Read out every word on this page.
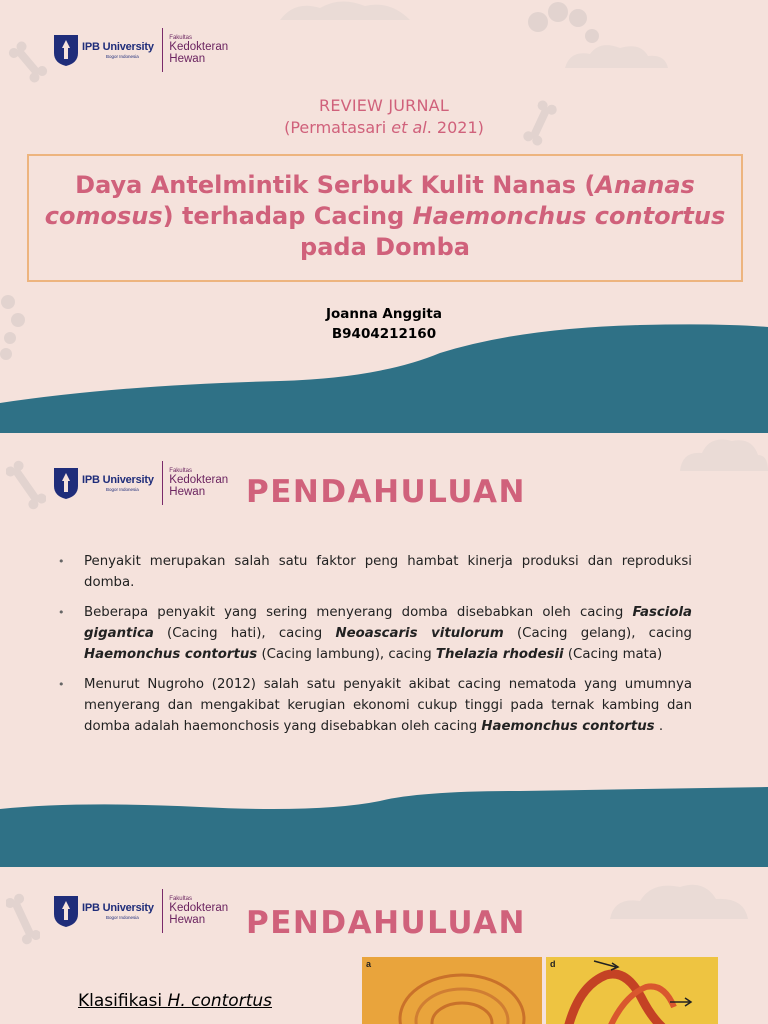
IPB University
Bogor Indonesia
Fakultas
Kedokteran
Hewan
REVIEW JURNAL
(Permatasari et al. 2021)
Daya Antelmintik Serbuk Kulit Nanas (Ananas comosus) terhadap Cacing Haemonchus contortus pada Domba
Joanna Anggita
B9404212160
IPB University
Bogor Indonesia
Fakultas
Kedokteran
Hewan	PENDAHULUAN
• Penyakit merupakan salah satu faktor peng hambat kinerja produksi dan reproduksi domba.
• Beberapa penyakit yang sering menyerang domba disebabkan oleh cacing Fasciola gigantica (Cacing hati), cacing Neoascaris vitulorum (Cacing gelang), cacing Haemonchus contortus (Cacing lambung), cacing Thelazia rhodesii (Cacing mata)
• Menurut Nugroho (2012) salah satu penyakit akibat cacing nematoda yang umumnya menyerang dan mengakibat kerugian ekonomi cukup tinggi pada ternak kambing dan domba adalah haemonchosis yang disebabkan oleh cacing Haemonchus contortus .
IPB University
Bogor Indonesia
Fakultas
Kedokteran
Hewan	PENDAHULUAN
Klasifikasi H. contortus
a	d
